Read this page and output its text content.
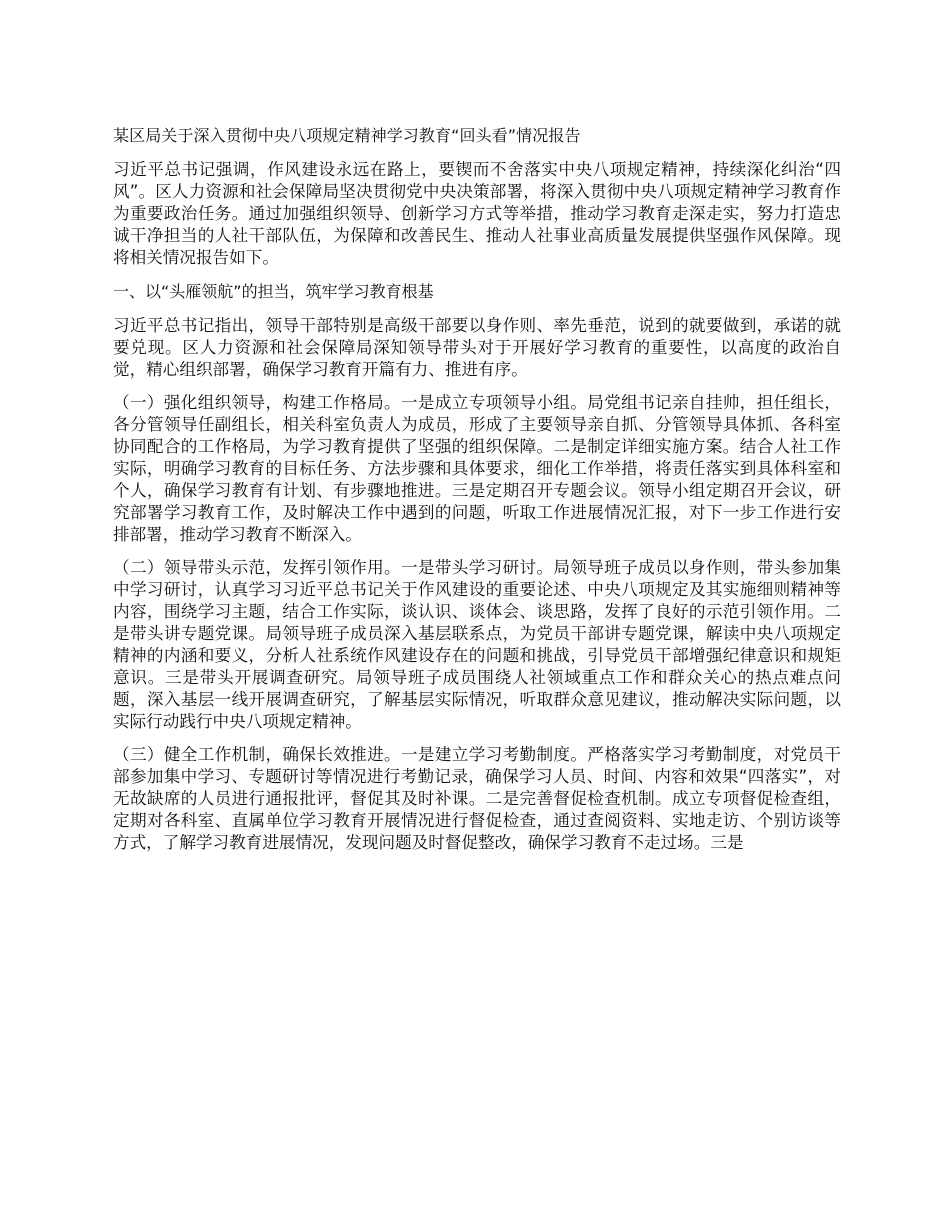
某区局关于深入贯彻中央八项规定精神学习教育“回头看”情况报告
习近平总书记强调，作风建设永远在路上，要锲而不舍落实中央八项规定精神，持续深化纠治“四风”。区人力资源和社会保障局坚决贯彻党中央决策部署，将深入贯彻中央八项规定精神学习教育作为重要政治任务。通过加强组织领导、创新学习方式等举措，推动学习教育走深走实，努力打造忠诚干净担当的人社干部队伍，为保障和改善民生、推动人社事业高质量发展提供坚强作风保障。现将相关情况报告如下。
一、以“头雁领航”的担当，筑牢学习教育根基
习近平总书记指出，领导干部特别是高级干部要以身作则、率先垂范，说到的就要做到，承诺的就要兑现。区人力资源和社会保障局深知领导带头对于开展好学习教育的重要性，以高度的政治自觉，精心组织部署，确保学习教育开篇有力、推进有序。
（一）强化组织领导，构建工作格局。一是成立专项领导小组。局党组书记亲自挂帅，担任组长，各分管领导任副组长，相关科室负责人为成员，形成了主要领导亲自抓、分管领导具体抓、各科室协同配合的工作格局，为学习教育提供了坚强的组织保障。二是制定详细实施方案。结合人社工作实际，明确学习教育的目标任务、方法步骤和具体要求，细化工作举措，将责任落实到具体科室和个人，确保学习教育有计划、有步骤地推进。三是定期召开专题会议。领导小组定期召开会议，研究部署学习教育工作，及时解决工作中遇到的问题，听取工作进展情况汇报，对下一步工作进行安排部署，推动学习教育不断深入。
（二）领导带头示范，发挥引领作用。一是带头学习研讨。局领导班子成员以身作则，带头参加集中学习研讨，认真学习习近平总书记关于作风建设的重要论述、中央八项规定及其实施细则精神等内容，围绕学习主题，结合工作实际，谈认识、谈体会、谈思路，发挥了良好的示范引领作用。二是带头讲专题党课。局领导班子成员深入基层联系点，为党员干部讲专题党课，解读中央八项规定精神的内涵和要义，分析人社系统作风建设存在的问题和挑战，引导党员干部增强纪律意识和规矩意识。三是带头开展调查研究。局领导班子成员围绕人社领域重点工作和群众关心的热点难点问题，深入基层一线开展调查研究，了解基层实际情况，听取群众意见建议，推动解决实际问题，以实际行动践行中央八项规定精神。
（三）健全工作机制，确保长效推进。一是建立学习考勤制度。严格落实学习考勤制度，对党员干部参加集中学习、专题研讨等情况进行考勤记录，确保学习人员、时间、内容和效果“四落实”，对无故缺席的人员进行通报批评，督促其及时补课。二是完善督促检查机制。成立专项督促检查组，定期对各科室、直属单位学习教育开展情况进行督促检查，通过查阅资料、实地走访、个别访谈等方式，了解学习教育进展情况，发现问题及时督促整改，确保学习教育不走过场。三是
